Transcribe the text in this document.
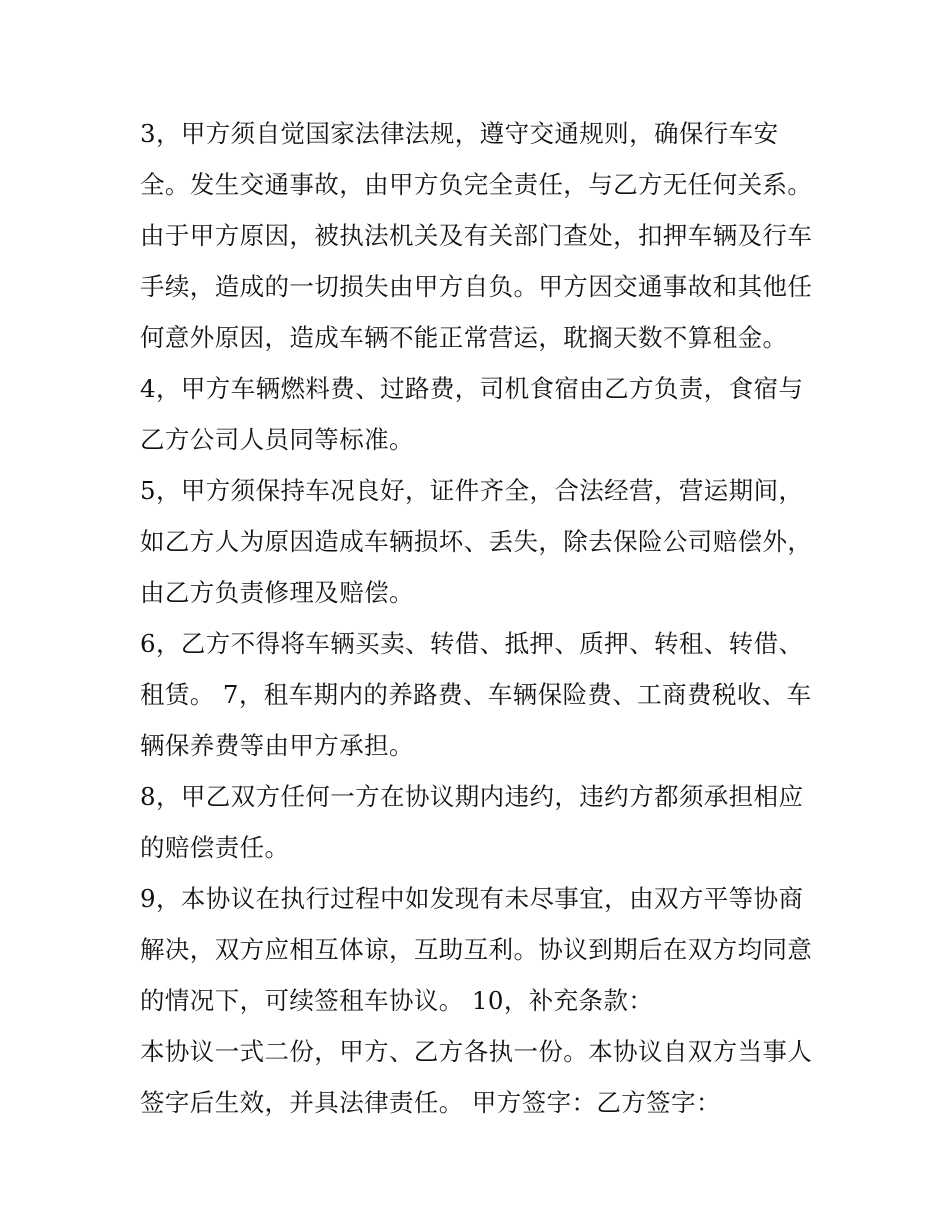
3，甲方须自觉国家法律法规，遵守交通规则，确保行车安
全。发生交通事故，由甲方负完全责任，与乙方无任何关系。
由于甲方原因，被执法机关及有关部门查处，扣押车辆及行车
手续，造成的一切损失由甲方自负。甲方因交通事故和其他任
何意外原因，造成车辆不能正常营运，耽搁天数不算租金。
4，甲方车辆燃料费、过路费，司机食宿由乙方负责，食宿与
乙方公司人员同等标准。
5，甲方须保持车况良好，证件齐全，合法经营，营运期间，
如乙方人为原因造成车辆损坏、丢失，除去保险公司赔偿外，
由乙方负责修理及赔偿。
6，乙方不得将车辆买卖、转借、抵押、质押、转租、转借、
租赁。 7，租车期内的养路费、车辆保险费、工商费税收、车
辆保养费等由甲方承担。
8，甲乙双方任何一方在协议期内违约，违约方都须承担相应
的赔偿责任。
9，本协议在执行过程中如发现有未尽事宜，由双方平等协商
解决，双方应相互体谅，互助互利。协议到期后在双方均同意
的情况下，可续签租车协议。 10，补充条款：
本协议一式二份，甲方、乙方各执一份。本协议自双方当事人
签字后生效，并具法律责任。 甲方签字：乙方签字：
